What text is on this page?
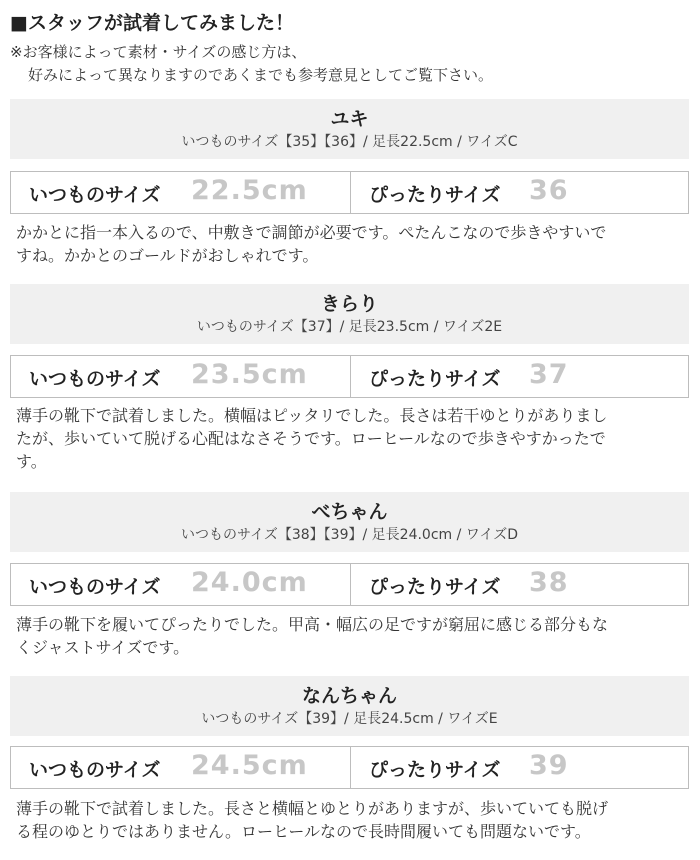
■スタッフが試着してみました！
※お客様によって素材・サイズの感じ方は、
好みによって異なりますのであくまでも参考意見としてご覧下さい。
ユキ
いつものサイズ【35】【36】/ 足長22.5cm / ワイズC
いつものサイズ 22.5cm	ぴったりサイズ 36
かかとに指一本入るので、中敷きで調節が必要です。ぺたんこなので歩きやすいで
すね。かかとのゴールドがおしゃれです。
きらり
いつものサイズ【37】/ 足長23.5cm / ワイズ2E
いつものサイズ 23.5cm	ぴったりサイズ 37
薄手の靴下で試着しました。横幅はピッタリでした。長さは若干ゆとりがありまし
たが、歩いていて脱げる心配はなさそうです。ローヒールなので歩きやすかったで
す。
べちゃん
いつものサイズ【38】【39】/ 足長24.0cm / ワイズD
いつものサイズ 24.0cm	ぴったりサイズ 38
薄手の靴下を履いてぴったりでした。甲高・幅広の足ですが窮屈に感じる部分もな
くジャストサイズです。
なんちゃん
いつものサイズ【39】/ 足長24.5cm / ワイズE
いつものサイズ 24.5cm	ぴったりサイズ 39
薄手の靴下で試着しました。長さと横幅とゆとりがありますが、歩いていても脱げ
る程のゆとりではありません。ローヒールなので長時間履いても問題ないです。
